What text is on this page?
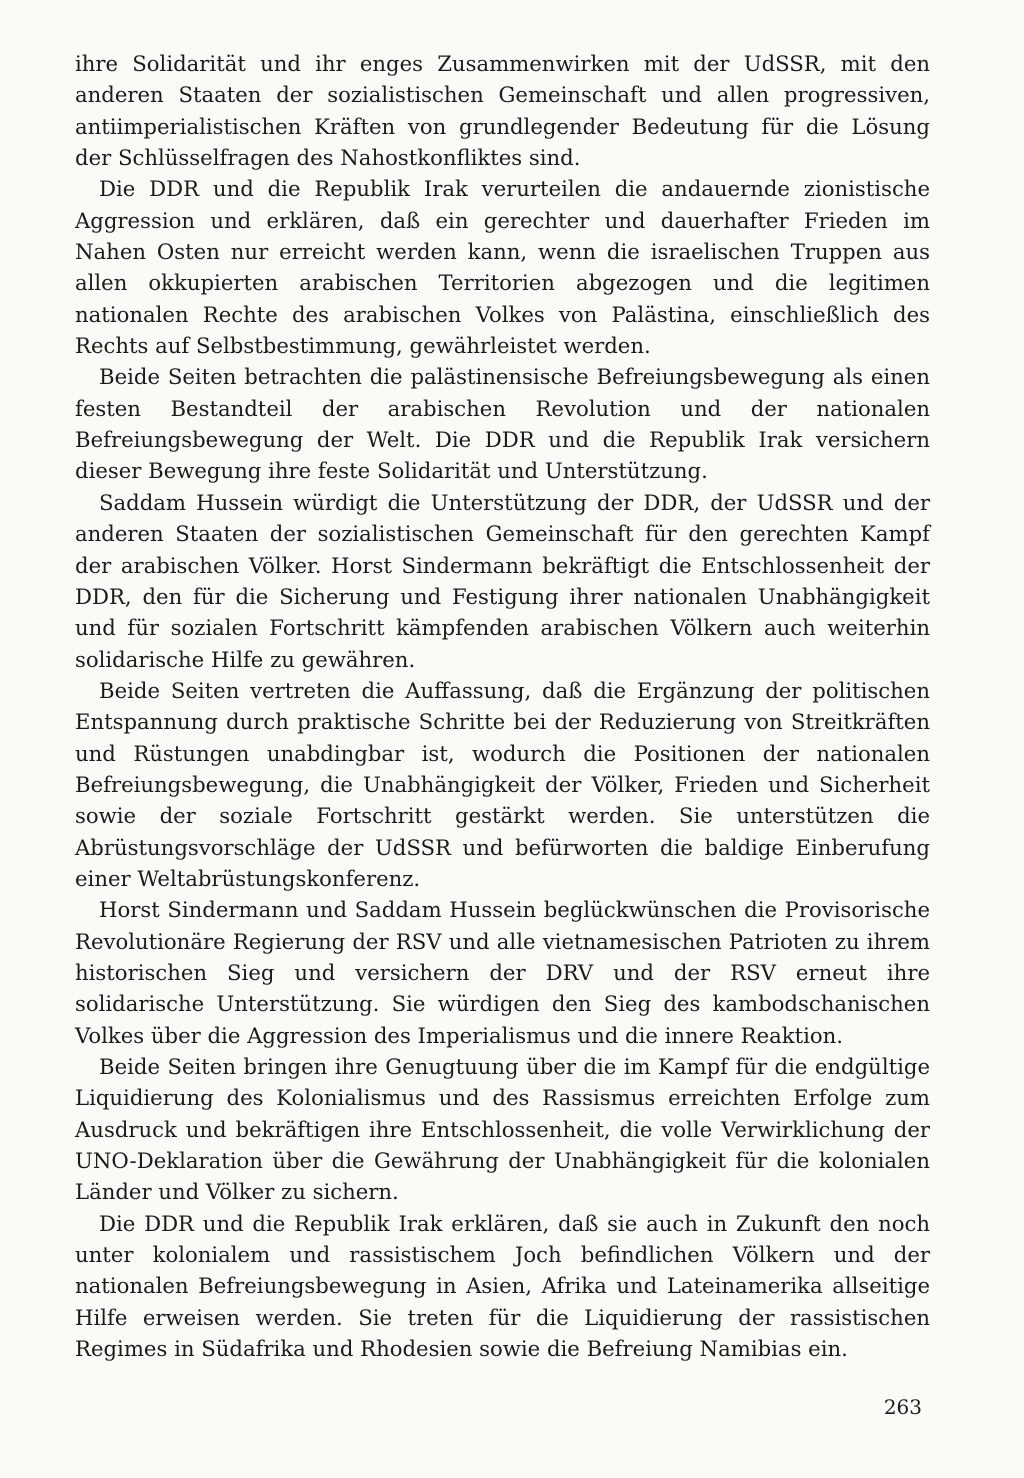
ihre Solidarität und ihr enges Zusammenwirken mit der UdSSR, mit den anderen Staaten der sozialistischen Gemeinschaft und allen progressiven, antiimperialistischen Kräften von grundlegender Bedeutung für die Lösung der Schlüsselfragen des Nahostkonfliktes sind.

Die DDR und die Republik Irak verurteilen die andauernde zionistische Aggression und erklären, daß ein gerechter und dauerhafter Frieden im Nahen Osten nur erreicht werden kann, wenn die israelischen Truppen aus allen okkupierten arabischen Territorien abgezogen und die legitimen nationalen Rechte des arabischen Volkes von Palästina, einschließlich des Rechts auf Selbstbestimmung, gewährleistet werden.

Beide Seiten betrachten die palästinensische Befreiungsbewegung als einen festen Bestandteil der arabischen Revolution und der nationalen Befreiungsbewegung der Welt. Die DDR und die Republik Irak versichern dieser Bewegung ihre feste Solidarität und Unterstützung.

Saddam Hussein würdigt die Unterstützung der DDR, der UdSSR und der anderen Staaten der sozialistischen Gemeinschaft für den gerechten Kampf der arabischen Völker. Horst Sindermann bekräftigt die Entschlossenheit der DDR, den für die Sicherung und Festigung ihrer nationalen Unabhängigkeit und für sozialen Fortschritt kämpfenden arabischen Völkern auch weiterhin solidarische Hilfe zu gewähren.

Beide Seiten vertreten die Auffassung, daß die Ergänzung der politischen Entspannung durch praktische Schritte bei der Reduzierung von Streitkräften und Rüstungen unabdingbar ist, wodurch die Positionen der nationalen Befreiungsbewegung, die Unabhängigkeit der Völker, Frieden und Sicherheit sowie der soziale Fortschritt gestärkt werden. Sie unterstützen die Abrüstungsvorschläge der UdSSR und befürworten die baldige Einberufung einer Weltabrüstungskonferenz.

Horst Sindermann und Saddam Hussein beglückwünschen die Provisorische Revolutionäre Regierung der RSV und alle vietnamesischen Patrioten zu ihrem historischen Sieg und versichern der DRV und der RSV erneut ihre solidarische Unterstützung. Sie würdigen den Sieg des kambodschanischen Volkes über die Aggression des Imperialismus und die innere Reaktion.

Beide Seiten bringen ihre Genugtuung über die im Kampf für die endgültige Liquidierung des Kolonialismus und des Rassismus erreichten Erfolge zum Ausdruck und bekräftigen ihre Entschlossenheit, die volle Verwirklichung der UNO-Deklaration über die Gewährung der Unabhängigkeit für die kolonialen Länder und Völker zu sichern.

Die DDR und die Republik Irak erklären, daß sie auch in Zukunft den noch unter kolonialem und rassistischem Joch befindlichen Völkern und der nationalen Befreiungsbewegung in Asien, Afrika und Lateinamerika allseitige Hilfe erweisen werden. Sie treten für die Liquidierung der rassistischen Regimes in Südafrika und Rhodesien sowie die Befreiung Namibias ein.

263
